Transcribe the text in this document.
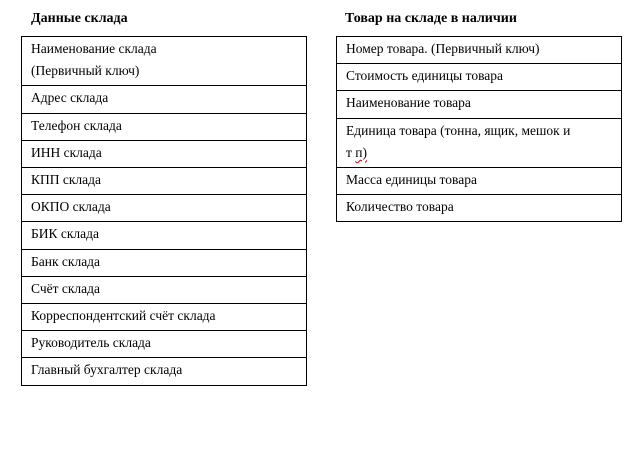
Данные склада
Наименование склада
(Первичный ключ)

Адрес склада

Телефон склада

ИНН склада

КПП склада

ОКПО склада

БИК склада

Банк склада

Счёт склада

Корреспондентский счёт склада

Руководитель склада

Главный бухгалтер склада
Товар на складе в наличии
Номер товара. (Первичный ключ)

Стоимость единицы товара

Наименование товара

Единица товара (тонна, ящик, мешок и
т п)

Масса единицы товара

Количество товара
